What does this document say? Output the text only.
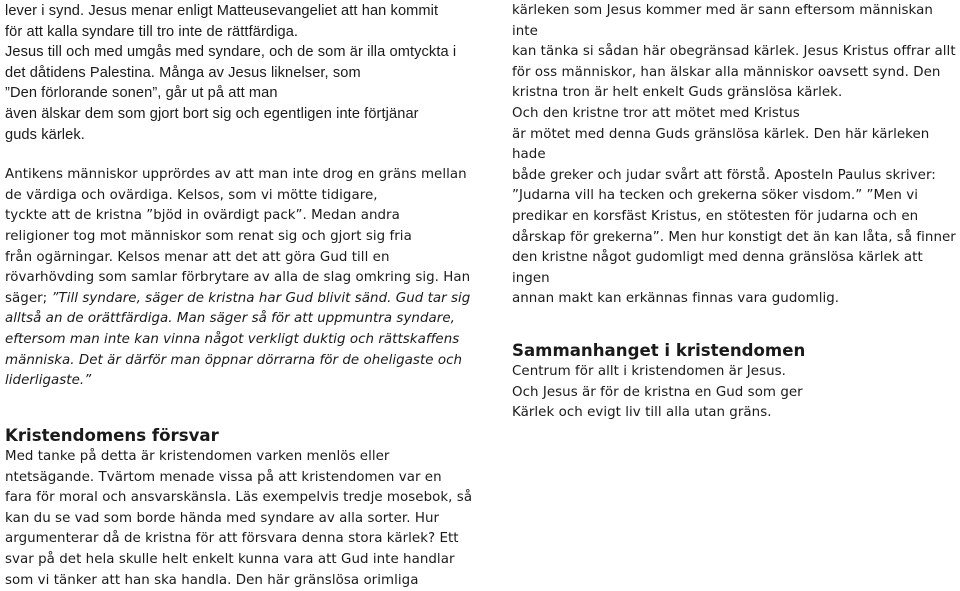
lever i synd. Jesus menar enligt Matteusevangeliet att han kommit

för att kalla syndare till tro inte de rättfärdiga.

Jesus till och med umgås med syndare, och de som är illa omtyckta i

det dåtidens Palestina. Många av Jesus liknelser, som

”Den förlorande sonen”, går ut på att man

även älskar dem som gjort bort sig och egentligen inte förtjänar

guds kärlek.

Antikens människor upprördes av att man inte drog en gräns mellan

de värdiga och ovärdiga. Kelsos, som vi mötte tidigare,

tyckte att de kristna ”bjöd in ovärdigt pack”. Medan andra

religioner tog mot människor som renat sig och gjort sig fria

från ogärningar. Kelsos menar att det att göra Gud till en

rövarhövding som samlar förbrytare av alla de slag omkring sig. Han

säger; ”Till syndare, säger de kristna har Gud blivit sänd. Gud tar sig

alltså an de orättfärdiga. Man säger så för att uppmuntra syndare,

eftersom man inte kan vinna något verkligt duktig och rättskaffens

människa. Det är därför man öppnar dörrarna för de oheligaste och

liderligaste.”

kärleken som Jesus kommer med är sann eftersom människan inte

kan tänka si sådan här obegränsad kärlek. Jesus Kristus offrar allt

för oss människor, han älskar alla människor oavsett synd. Den

kristna tron är helt enkelt Guds gränslösa kärlek.

Och den kristne tror att mötet med Kristus

är mötet med denna Guds gränslösa kärlek. Den här kärleken hade

både greker och judar svårt att förstå. Aposteln Paulus skriver:

”Judarna vill ha tecken och grekerna söker visdom.” ”Men vi

predikar en korsfäst Kristus, en stötesten för judarna och en

dårskap för grekerna”. Men hur konstigt det än kan låta, så finner

den kristne något gudomligt med denna gränslösa kärlek att ingen

annan makt kan erkännas finnas vara gudomlig.

Sammanhanget i kristendomen

Centrum för allt i kristendomen är Jesus.

Och Jesus är för de kristna en Gud som ger

Kärlek och evigt liv till alla utan gräns.

Kristendomens försvar

Med tanke på detta är kristendomen varken menlös eller

ntetsägande. Tvärtom menade vissa på att kristendomen var en

fara för moral och ansvarskänsla. Läs exempelvis tredje mosebok, så

kan du se vad som borde hända med syndare av alla sorter. Hur

argumenterar då de kristna för att försvara denna stora kärlek? Ett

svar på det hela skulle helt enkelt kunna vara att Gud inte handlar

som vi tänker att han ska handla. Den här gränslösa orimliga
